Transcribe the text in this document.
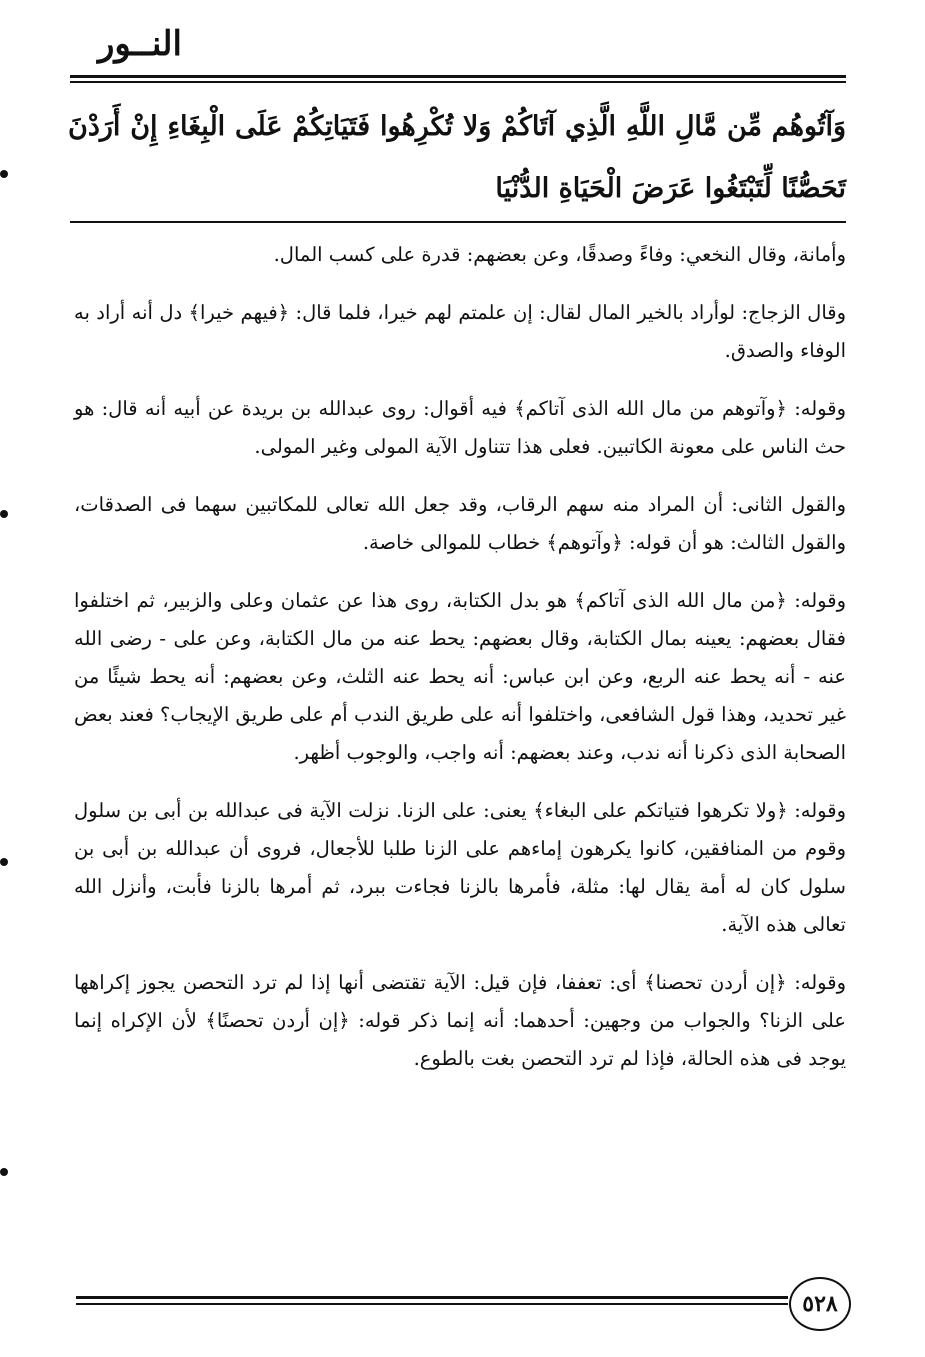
النــور
وَآتُوهُم مِّن مَّالِ اللَّهِ الَّذِي آتَاكُمْ وَلا تُكْرِهُوا فَتَيَاتِكُمْ عَلَى الْبِغَاءِ إِنْ أَرَدْنَ تَحَصُّنًا لِّتَبْتَغُوا عَرَضَ الْحَيَاةِ الدُّنْيَا

وأمانة، وقال النخعي: وفاءً وصدقًا، وعن بعضهم: قدرة على كسب المال.

وقال الزجاج: لوأراد بالخير المال لقال: إن علمتم لهم خيرا، فلما قال: ﴿فيهم خيرا﴾ دل أنه أراد به الوفاء والصدق.

وقوله: ﴿وآتوهم من مال الله الذى آتاكم﴾ فيه أقوال: روى عبدالله بن بريدة عن أبيه أنه قال: هو حث الناس على معونة الكاتبين. فعلى هذا تتناول الآية المولى وغير المولى.

والقول الثانى: أن المراد منه سهم الرقاب، وقد جعل الله تعالى للمكاتبين سهما فى الصدقات، والقول الثالث: هو أن قوله: ﴿وآتوهم﴾ خطاب للموالى خاصة.

وقوله: ﴿من مال الله الذى آتاكم﴾ هو بدل الكتابة، روى هذا عن عثمان وعلى والزبير، ثم اختلفوا فقال بعضهم: يعينه بمال الكتابة، وقال بعضهم: يحط عنه من مال الكتابة، وعن على - رضى الله عنه - أنه يحط عنه الربع، وعن ابن عباس: أنه يحط عنه الثلث، وعن بعضهم: أنه يحط شيئًا من غير تحديد، وهذا قول الشافعى، واختلفوا أنه على طريق الندب أم على طريق الإيجاب؟ فعند بعض الصحابة الذى ذكرنا أنه ندب، وعند بعضهم: أنه واجب، والوجوب أظهر.

وقوله: ﴿ولا تكرهوا فتياتكم على البغاء﴾ يعنى: على الزنا. نزلت الآية فى عبدالله بن أبى بن سلول وقوم من المنافقين، كانوا يكرهون إماءهم على الزنا طلبا للأجعال، فروى أن عبدالله بن أبى بن سلول كان له أمة يقال لها: مثلة، فأمرها بالزنا فجاءت ببرد، ثم أمرها بالزنا فأبت، وأنزل الله تعالى هذه الآية.

وقوله: ﴿إن أردن تحصنا﴾ أى: تعففا، فإن قيل: الآية تقتضى أنها إذا لم ترد التحصن يجوز إكراهها على الزنا؟ والجواب من وجهين: أحدهما: أنه إنما ذكر قوله: ﴿إن أردن تحصنًا﴾ لأن الإكراه إنما يوجد فى هذه الحالة، فإذا لم ترد التحصن بغت بالطوع.

٥٢٨
